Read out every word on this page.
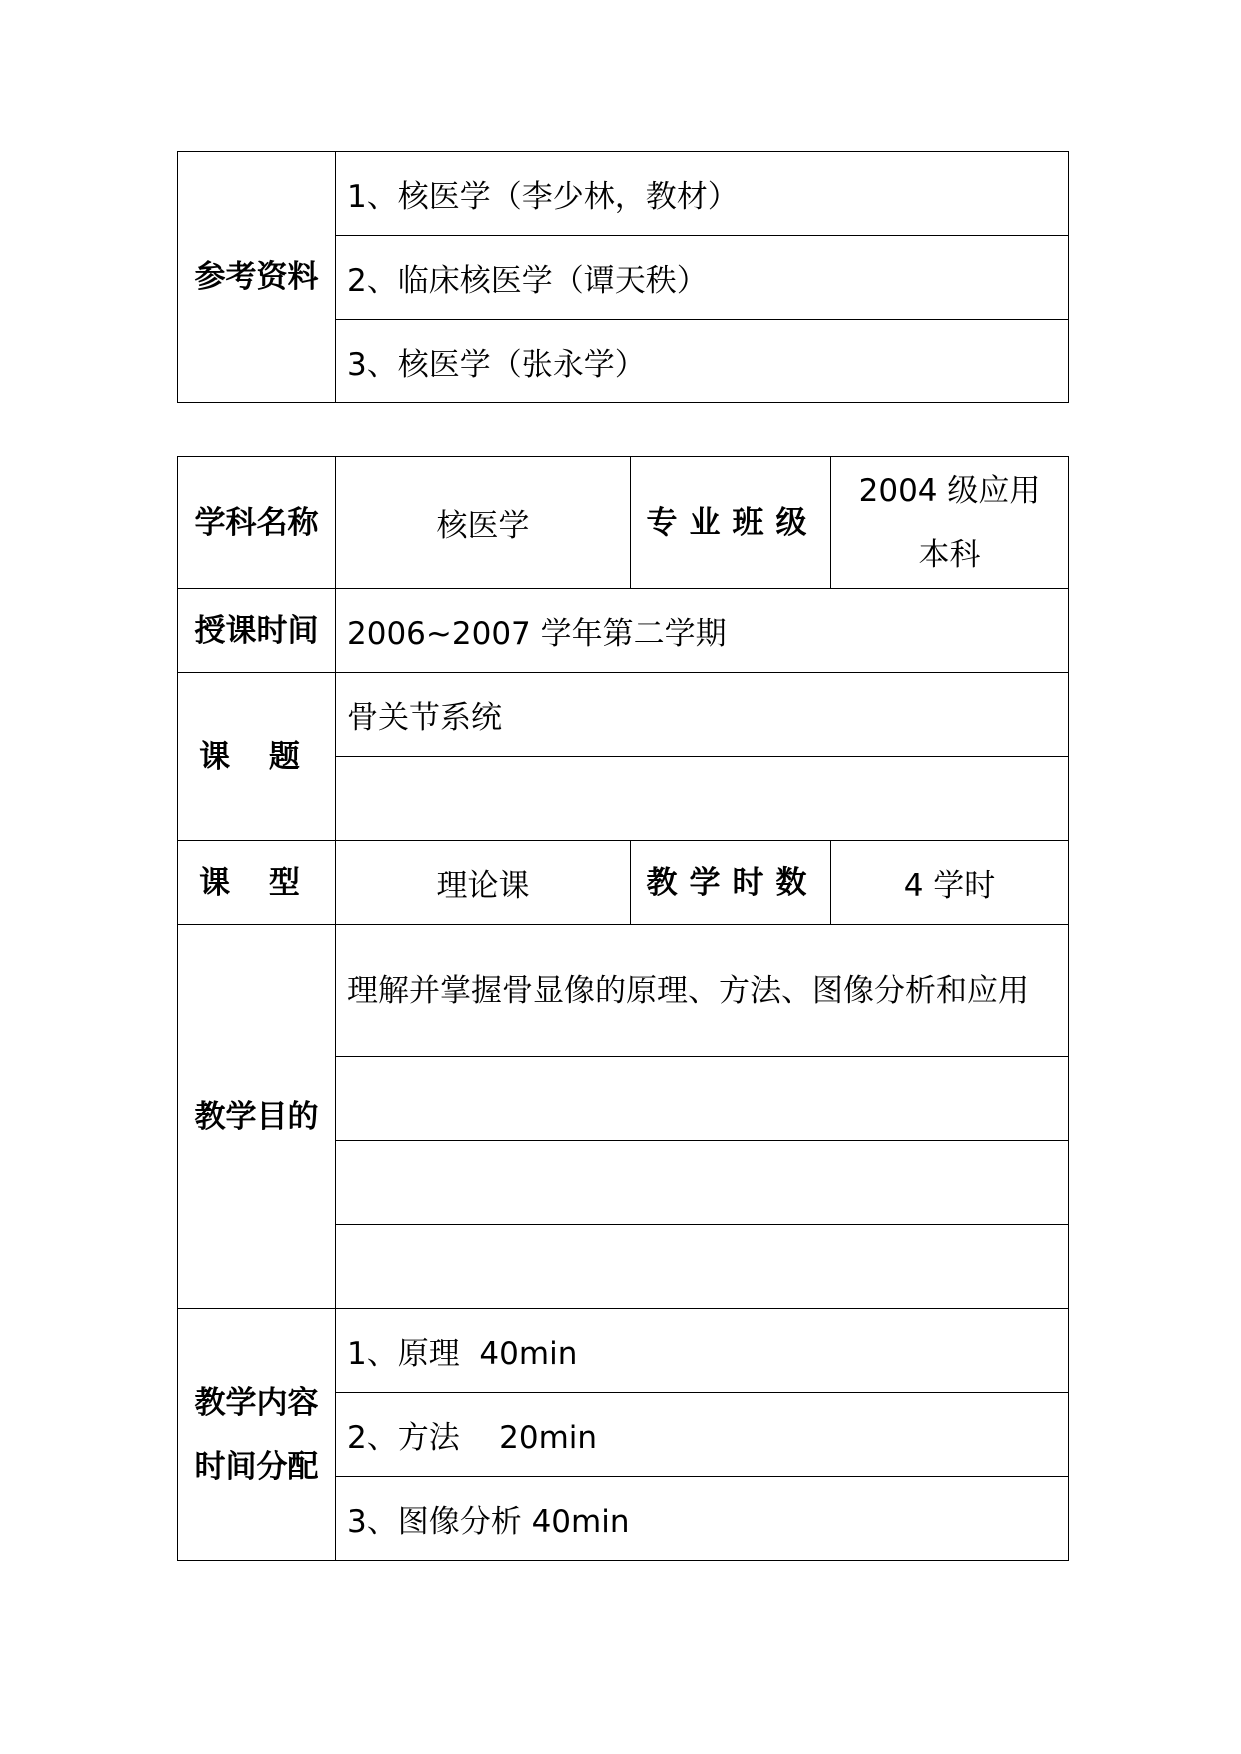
参考资料	1、核医学（李少林，教材）
2、临床核医学（谭天秩）
3、核医学（张永学）
学科名称	核医学	专业班级	2004 级应用
本科

授课时间	2006~2007 学年第二学期		
课 题	骨关节系统		

课 型	理论课	教学时数	4 学时
教学目的	理解并掌握骨显像的原理、方法、图像分析和应用		

教学内容
时间分配	1、原理  40min		
	2、方法    20min		
	3、图像分析 40min		
